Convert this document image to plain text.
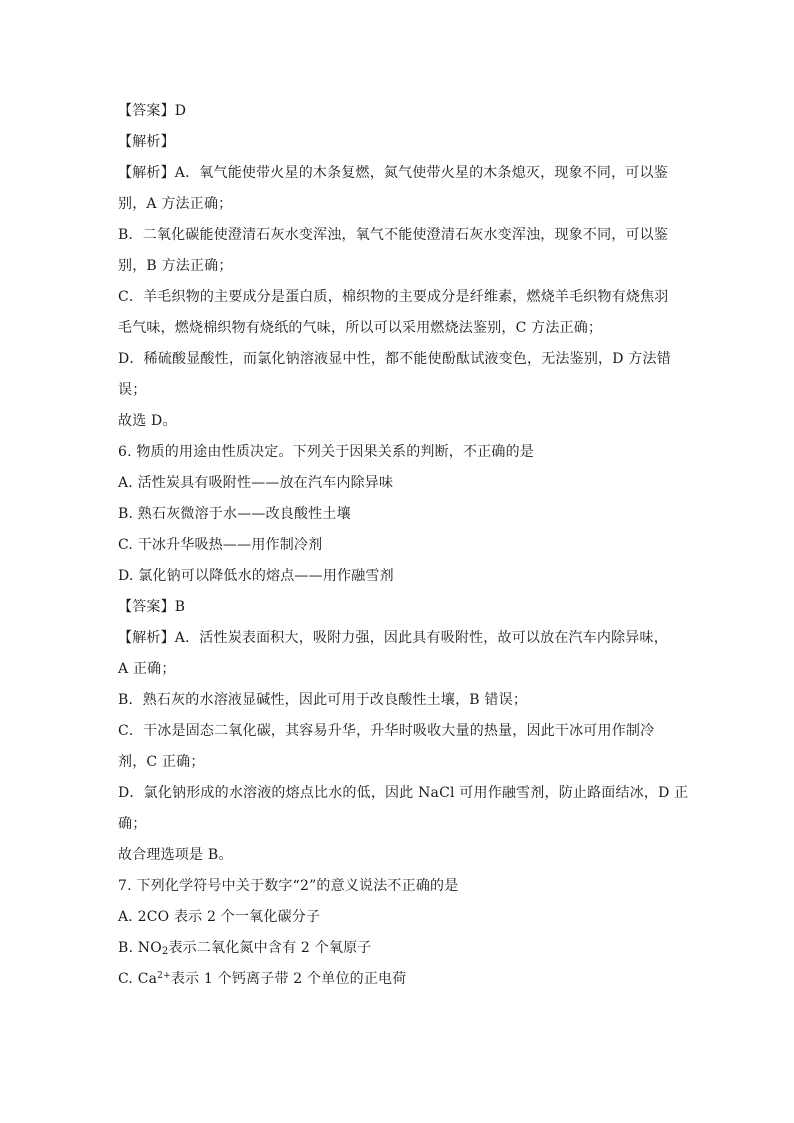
【答案】D
【解析】
【解析】A．氧气能使带火星的木条复燃，氮气使带火星的木条熄灭，现象不同，可以鉴
别，A 方法正确；
B．二氧化碳能使澄清石灰水变浑浊，氧气不能使澄清石灰水变浑浊，现象不同，可以鉴
别，B 方法正确；
C．羊毛织物的主要成分是蛋白质，棉织物的主要成分是纤维素，燃烧羊毛织物有烧焦羽
毛气味，燃烧棉织物有烧纸的气味，所以可以采用燃烧法鉴别，C 方法正确；
D．稀硫酸显酸性，而氯化钠溶液显中性，都不能使酚酞试液变色，无法鉴别，D 方法错
误；
故选 D。
6. 物质的用途由性质决定。下列关于因果关系的判断，不正确的是
A. 活性炭具有吸附性——放在汽车内除异味
B. 熟石灰微溶于水——改良酸性土壤
C. 干冰升华吸热——用作制冷剂
D. 氯化钠可以降低水的熔点——用作融雪剂
【答案】B
【解析】A．活性炭表面积大，吸附力强，因此具有吸附性，故可以放在汽车内除异味，
A 正确；
B．熟石灰的水溶液显碱性，因此可用于改良酸性土壤，B 错误；
C．干冰是固态二氧化碳，其容易升华，升华时吸收大量的热量，因此干冰可用作制冷
剂，C 正确；
D．氯化钠形成的水溶液的熔点比水的低，因此 NaCl 可用作融雪剂，防止路面结冰，D 正
确；
故合理选项是 B。
7. 下列化学符号中关于数字“2”的意义说法不正确的是
A. 2CO 表示 2 个一氧化碳分子
B. $NO_2$表示二氧化氮中含有 2 个氧原子
C. $Ca^{2+}$表示 1 个钙离子带 2 个单位的正电荷
